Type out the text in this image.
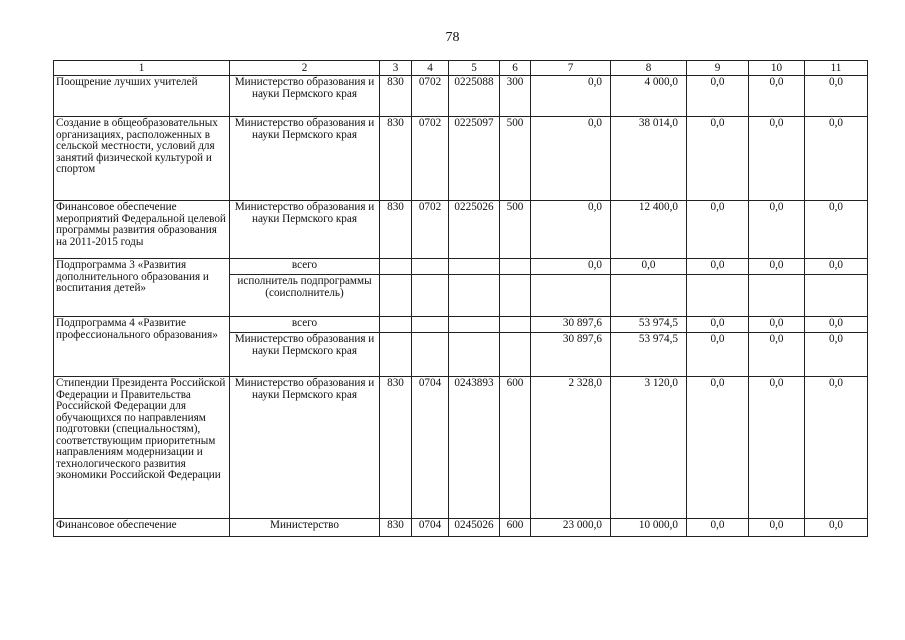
78
1	2	3	4	5	6	7	8	9	10	11
Поощрение лучших учителей	Министерство образования и науки Пермского края	830	0702	0225088	300	0,0	4 000,0	0,0	0,0	0,0
Создание в общеобразовательных организациях, расположенных в сельской местности, условий для занятий физической культурой и спортом	Министерство образования и науки Пермского края	830	0702	0225097	500	0,0	38 014,0	0,0	0,0	0,0
Финансовое обеспечение мероприятий Федеральной целевой программы развития образования на 2011-2015 годы	Министерство образования и науки Пермского края	830	0702	0225026	500	0,0	12 400,0	0,0	0,0	0,0
Подпрограмма 3 «Развития дополнительного образования и воспитания детей»	всего					0,0	0,0	0,0	0,0	0,0
	исполнитель подпрограммы (соисполнитель)									
Подпрограмма 4 «Развитие профессионального образования»	всего					30 897,6	53 974,5	0,0	0,0	0,0
	Министерство образования и науки Пермского края					30 897,6	53 974,5	0,0	0,0	0,0
Стипендии Президента Российской Федерации и Правительства Российской Федерации для обучающихся по направлениям подготовки (специальностям), соответствующим приоритетным направлениям модернизации и технологического развития экономики Российской Федерации	Министерство образования и науки Пермского края	830	0704	0243893	600	2 328,0	3 120,0	0,0	0,0	0,0
Финансовое обеспечение	Министерство	830	0704	0245026	600	23 000,0	10 000,0	0,0	0,0	0,0
